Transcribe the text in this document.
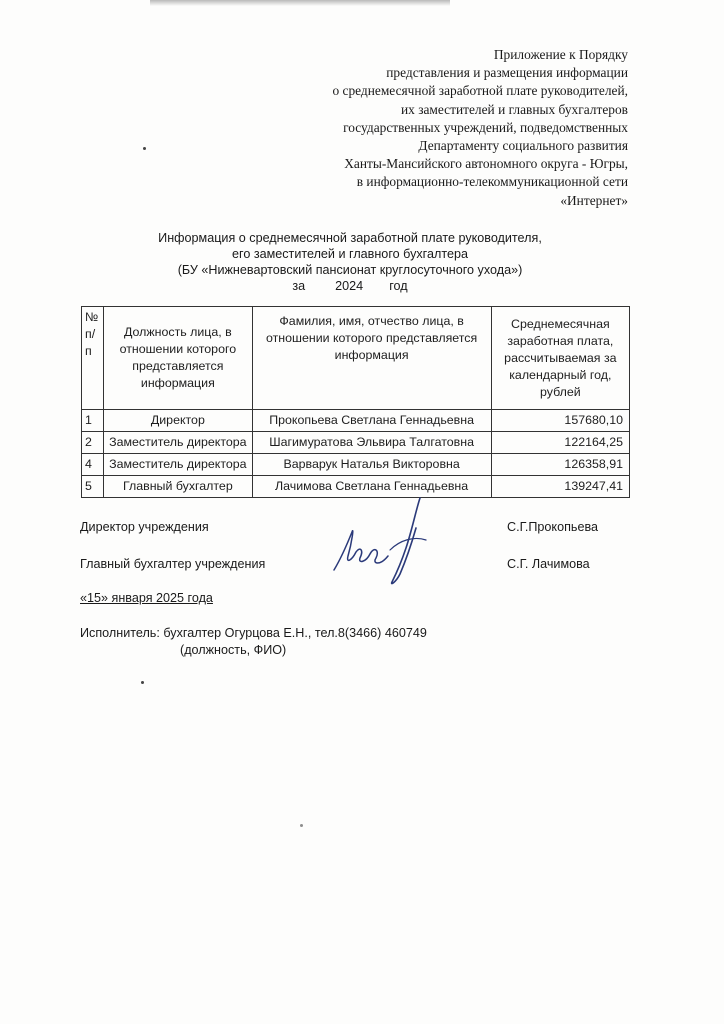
Приложение к Порядку
представления и размещения информации
о среднемесячной заработной плате руководителей,
их заместителей и главных бухгалтеров
государственных учреждений, подведомственных
Департаменту социального развития
Ханты-Мансийского автономного округа - Югры,
в информационно-телекоммуникационной сети
«Интернет»
Информация о среднемесячной заработной плате руководителя,
его заместителей и главного бухгалтера
(БУ «Нижневартовский пансионат круглосуточного ухода»)
за 2024 год
№ п/п	Должность лица, в отношении которого представляется информация	Фамилия, имя, отчество лица, в отношении которого представляется информация	Среднемесячная заработная плата, рассчитываемая за календарный год, рублей
1	Директор	Прокопьева Светлана Геннадьевна	157680,10
2	Заместитель директора	Шагимуратова Эльвира Талгатовна	122164,25
4	Заместитель директора	Варварук Наталья Викторовна	126358,91
5	Главный бухгалтер	Лачимова Светлана Геннадьевна	139247,41
Директор учреждения	С.Г.Прокопьева
Главный бухгалтер учреждения	С.Г. Лачимова
«15» января 2025 года
Исполнитель: бухгалтер Огурцова Е.Н., тел.8(3466) 460749
(должность, ФИО)
